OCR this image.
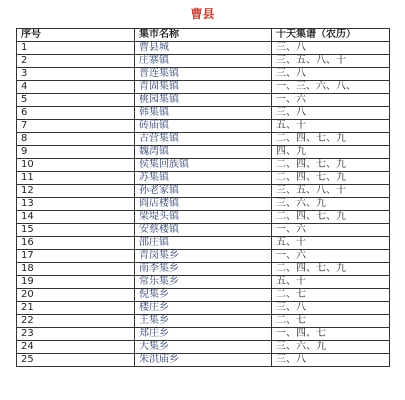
曹县
序号	集市名称	十天集谱（农历）
1	曹县城	三、八
2	庄寨镇	三、五、八、十
3	普连集镇	三、八
4	青固集镇	一、三、六、八、
5	桃园集镇	一、六
6	韩集镇	三、八
7	砖庙镇	五、十
8	古营集镇	二、四、七、九
9	魏湾镇	四、九
10	侯集回族镇	二、四、七、九
11	苏集镇	二、四、七、九
12	孙老家镇	三、五、八、十
13	阎店楼镇	三、六、九
14	梁堤头镇	二、四、七、九
15	安蔡楼镇	一、六
16	邵庄镇	五、十
17	青岗集乡	一、六
18	南李集乡	二、四、七、九
19	常乐集乡	五、十
20	倪集乡	二、七
21	楼庄乡	三、八
22	王集乡	二、七
23	郑庄乡	一、四、七
24	大集乡	三、六、九
25	朱洪庙乡	三、八
